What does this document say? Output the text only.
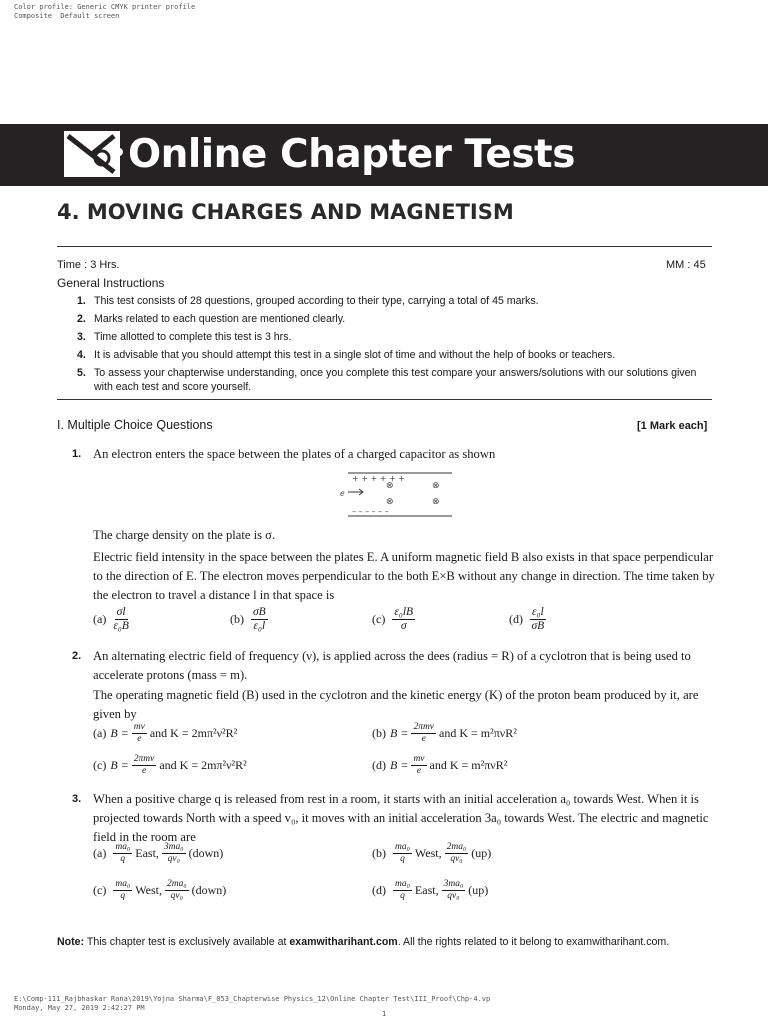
Color profile: Generic CMYK printer profile
Composite  Default screen
Online Chapter Tests
4. MOVING CHARGES AND MAGNETISM
Time : 3 Hrs.	MM : 45
General Instructions
1. This test consists of 28 questions, grouped according to their type, carrying a total of 45 marks.
2. Marks related to each question are mentioned clearly.
3. Time allotted to complete this test is 3 hrs.
4. It is advisable that you should attempt this test in a single slot of time and without the help of books or teachers.
5. To assess your chapterwise understanding, once you complete this test compare your answers/solutions with our solutions given with each test and score yourself.
I. Multiple Choice Questions	[1 Mark each]
1. An electron enters the space between the plates of a charged capacitor as shown
+ + + + + +
– – – – – –
⊗	⊗
⊗	⊗
e
The charge density on the plate is σ.
Electric field intensity in the space between the plates E. A uniform magnetic field B also exists in that space perpendicular to the direction of E. The electron moves perpendicular to the both E×B without any change in direction. The time taken by the electron to travel a distance l in that space is
$(a) \frac{\sigma l}{\text{ε₀B}}$	$(b) \frac{\sigma B}{\text{ε₀l}}$	$(c) \frac{\text{ε₀lB}}{\sigma}$	$(d) \frac{\text{ε₀l}}{\sigma B}$
2. An alternating electric field of frequency (ν), is applied across the dees (radius = R) of a cyclotron that is being used to accelerate protons (mass = m).
The operating magnetic field (B) used in the cyclotron and the kinetic energy (K) of the proton beam produced by it, are given by
(a) $B = \frac{m\nu}{e}$ and K = 2mπ²ν²R²	(b) $B = \frac{\text{2πmν}}{e}$ and K = m²πνR²
(c) $B = \frac{\text{2πmν}}{e}$ and K = 2mπ²ν²R²	(d) $B = \frac{m\nu}{e}$ and K = m²πνR²
3. When a positive charge q is released from rest in a room, it starts with an initial acceleration a₀ towards West. When it is projected towards North with a speed v₀, it moves with an initial acceleration 3a₀ towards West. The electric and magnetic field in the room are
$(a) \frac{\text{ma₀}}{q}$ East, $\frac{\text{3ma₀}}{\text{qv₀}}$ (down)	$(b) \frac{\text{ma₀}}{q}$ West, $\frac{\text{2ma₀}}{\text{qv₀}} (up)$
$(c) \frac{\text{ma₀}}{q}$ West, $\frac{\text{2ma₀}}{\text{qv₀}}$ (down)	$(d) \frac{\text{ma₀}}{q}$ East, $\frac{\text{3ma₀}}{\text{qv₀}} (up)$
Note: This chapter test is exclusively available at examwitharihant.com. All the rights related to it belong to examwitharihant.com.
E:\Comp-111_Rajbhaskar Rana\2019\Yojna Sharma\F_053_Chapterwise Physics_12\Online Chapter Test\III_Proof\Chp-4.vp
Monday, May 27, 2019 2:42:27 PM
1
